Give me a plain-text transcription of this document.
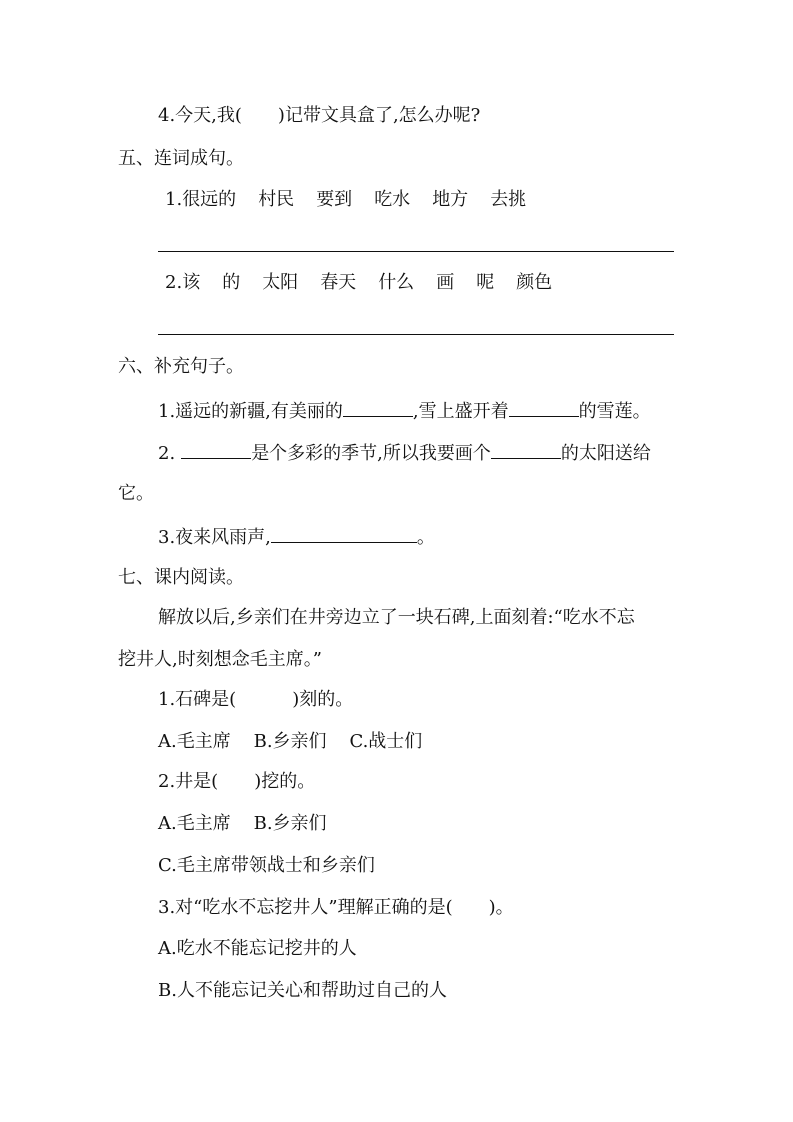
4.今天,我( )记带文具盒了,怎么办呢?
五、连词成句。
1.很远的 村民 要到 吃水 地方 去挑
2.该 的 太阳 春天 什么 画 呢 颜色
六、补充句子。
1.遥远的新疆,有美丽的	,雪上盛开着	的雪莲。
2.	是个多彩的季节,所以我要画个	的太阳送给
它。
3.夜来风雨声,	。
七、课内阅读。
解放以后,乡亲们在井旁边立了一块石碑,上面刻着:“吃水不忘
挖井人,时刻想念毛主席。”
1.石碑是(	)刻的。
A.毛主席    B.乡亲们    C.战士们
2.井是( )挖的。
A.毛主席    B.乡亲们
C.毛主席带领战士和乡亲们
3.对“吃水不忘挖井人”理解正确的是( )。
A.吃水不能忘记挖井的人
B.人不能忘记关心和帮助过自己的人
